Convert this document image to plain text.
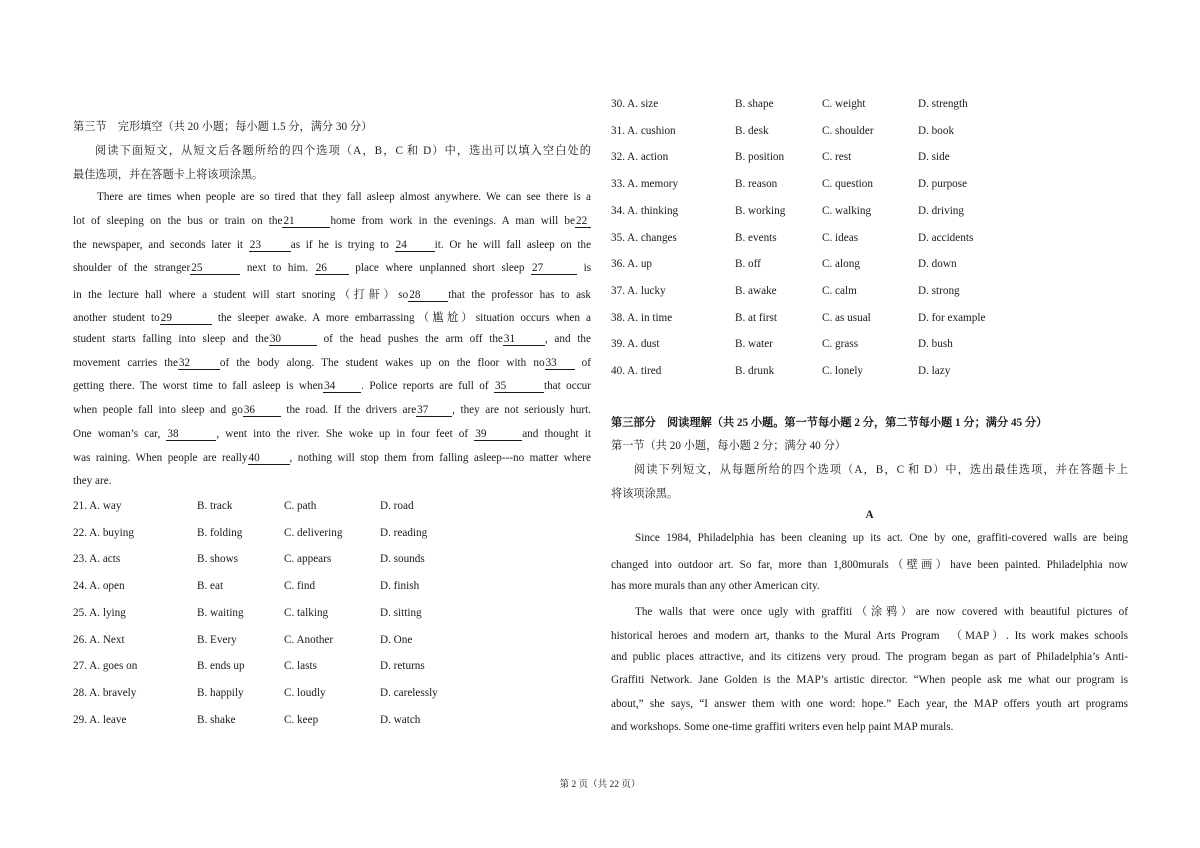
第三节　完形填空（共 20 小题；每小题 1.5 分，满分 30 分）
阅读下面短文，从短文后各题所给的四个选项（A，B，C 和 D）中，选出可以填入空白处的
最佳选项，并在答题卡上将该项涂黑。
There are times when people are so tired that they fall asleep almost anywhere. We can see there is a
lot of sleeping on the bus or train on the21	home from work in the evenings. A man will be22
the newspaper, and seconds later it 23	as if he is trying to 24 it. Or he will fall asleep on the
shoulder of the stranger25	next to him. 26	place where unplanned short sleep 27	is
in the lecture hall where a student will start snoring（打鼾）so28 that the professor has to ask
another student to29	the sleeper awake. A more embarrassing（尴尬）situation occurs when a
student starts falling into sleep and the30	of the head pushes the arm off the31	, and the
movement carries the32	of the body along. The student wakes up on the floor with no33 of
getting there. The worst time to fall asleep is when34 . Police reports are full of 35	that occur
when people fall into sleep and go36	the road. If the drivers are37 , they are not seriously hurt.
One woman’s car, 38	, went into the river. She woke up in four feet of 39	and thought it
was raining. When people are really40	, nothing will stop them from falling asleep---no matter where
they are.
21. A. way	B. track	C. path	D. road
22. A. buying	B. folding	C. delivering	D. reading
23. A. acts	B. shows	C. appears	D. sounds
24. A. open	B. eat	C. find	D. finish
25. A. lying	B. waiting	C. talking	D. sitting
26. A. Next	B. Every	C. Another	D. One
27. A. goes on	B. ends up	C. lasts	D. returns
28. A. bravely	B. happily	C. loudly	D. carelessly
29. A. leave	B. shake	C. keep	D. watch
30. A. size	B. shape	C. weight	D. strength
31. A. cushion	B. desk	C. shoulder	D. book
32. A. action	B. position	C. rest	D. side
33. A. memory	B. reason	C. question	D. purpose
34. A. thinking	B. working	C. walking	D. driving
35. A. changes	B. events	C. ideas	D. accidents
36. A. up	B. off	C. along	D. down
37. A. lucky	B. awake	C. calm	D. strong
38. A. in time	B. at first	C. as usual	D. for example
39. A. dust	B. water	C. grass	D. bush
40. A. tired	B. drunk	C. lonely	D. lazy
第三部分　阅读理解（共 25 小题。第一节每小题 2 分，第二节每小题 1 分；满分 45 分）
第一节（共 20 小题，每小题 2 分；满分 40 分）
阅读下列短文，从每题所给的四个选项（A，B，C 和 D）中，选出最佳选项，并在答题卡上
将该项涂黑。
A
Since 1984, Philadelphia has been cleaning up its act. One by one, graffiti-covered walls are being
changed into outdoor art. So far, more than 1,800murals（壁画）have been painted. Philadelphia now
has more murals than any other American city.
The walls that were once ugly with graffiti（涂鸦）are now covered with beautiful pictures of
historical heroes and modern art, thanks to the Mural Arts Program　（MAP）. Its work makes schools
and public places attractive, and its citizens very proud. The program began as part of Philadelphia’s Anti-
Graffiti Network. Jane Golden is the MAP’s artistic director. “When people ask me what our program is
about,” she says, “I answer them with one word: hope.” Each year, the MAP offers youth art programs
and workshops. Some one-time graffiti writers even help paint MAP murals.
第 2 页（共 22 页）
